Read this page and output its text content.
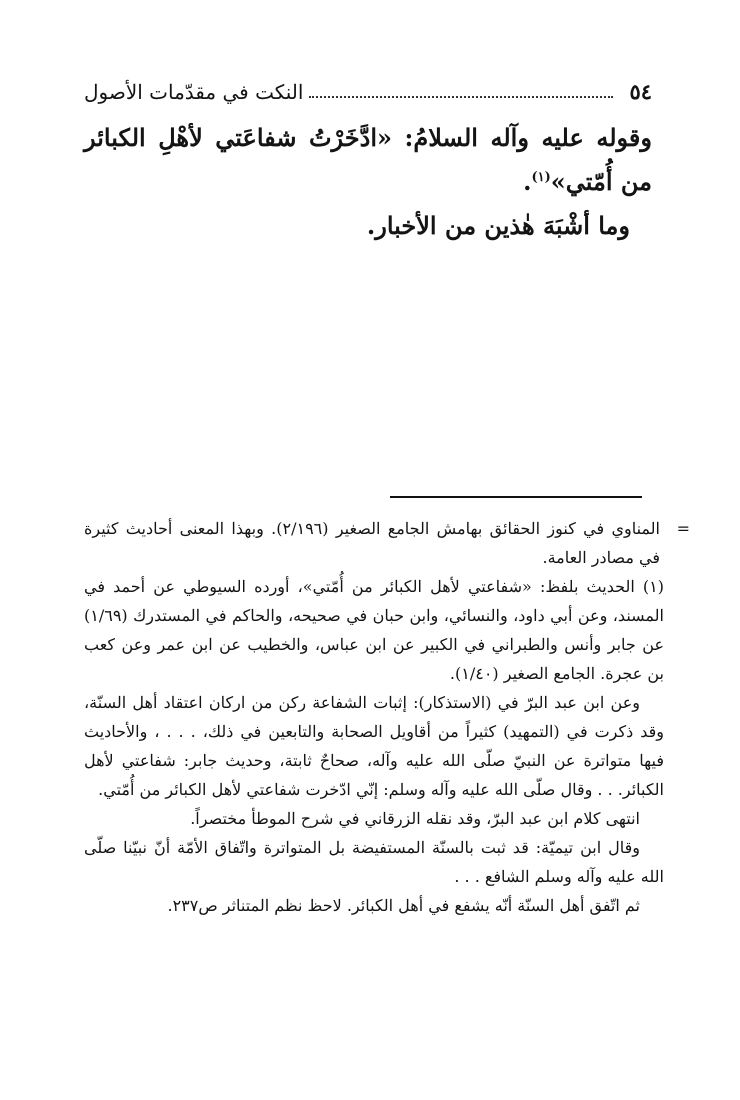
٥٤
النكت في مقدّمات الأصول

وقوله عليه وآله السلامُ: «ادَّخَرْتُ شفاعَتي لأهْلِ الكبائر من أُمّتي»$^{(١)}$.

وما أشْبَهَ هٰذين من الأخبار.

=
المناوي في كنوز الحقائق بهامش الجامع الصغير (٢/١٩٦). وبهذا المعنى أحاديث كثيرة في مصادر العامة.

(١) الحديث بلفظ: «شفاعتي لأهل الكبائر من أُمّتي»، أورده السيوطي عن أحمد في المسند، وعن أبي داود، والنسائي، وابن حبان في صحيحه، والحاكم في المستدرك (١/٦٩) عن جابر وأنس والطبراني في الكبير عن ابن عباس، والخطيب عن ابن عمر وعن كعب بن عجرة. الجامع الصغير (١/٤٠).

وعن ابن عبد البرّ في (الاستذكار): إثبات الشفاعة ركن من اركان اعتقاد أهل السنّة، وقد ذكرت في (التمهيد) كثيراً من أقاويل الصحابة والتابعين في ذلك، . . . ، والأحاديث فيها متواترة عن النبيّ صلّى الله عليه وآله، صحاحٌ ثابتة، وحديث جابر: شفاعتي لأهل الكبائر. . . وقال صلّى الله عليه وآله وسلم: إنّي ادّخرت شفاعتي لأهل الكبائر من أُمّتي.

انتهى كلام ابن عبد البرّ، وقد نقله الزرقاني في شرح الموطأ مختصراً.

وقال ابن تيميّة: قد ثبت بالسنّة المستفيضة بل المتواترة واتّفاق الأمّة أنّ نبيّنا صلّى الله عليه وآله وسلم الشافع . . .

ثم اتّفق أهل السنّة أنّه يشفع في أهل الكبائر. لاحظ نظم المتناثر ص٢٣٧.
